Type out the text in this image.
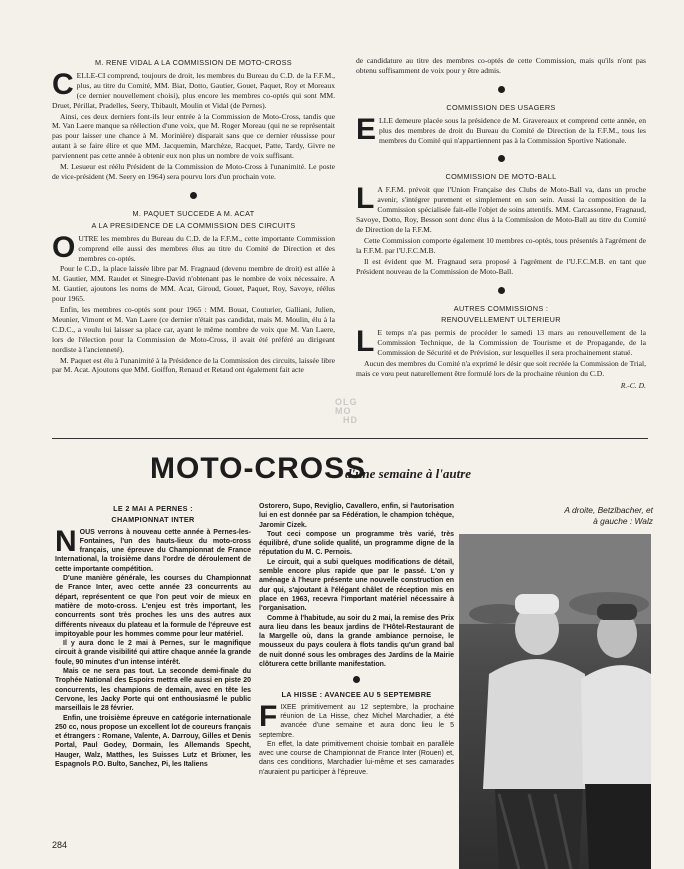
M. RENE VIDAL A LA COMMISSION DE MOTO-CROSS
C ELLE-CI comprend, toujours de droit, les membres du Bureau du C.D. de la F.F.M., plus, au titre du Comité, MM. Biat, Dotto, Gautier, Gouet, Paquet, Roy et Moreaux (ce dernier nouvellement choisi), plus encore les membres co-optés qui sont MM. Druet, Périllat, Pradelles, Seery, Thibault, Moulin et Vidal (de Pernes).

Ainsi, ces deux derniers font-ils leur entrée à la Commission de Moto-Cross, tandis que M. Van Laere manque sa réélection d'une voix, que M. Roger Moreau (qui ne se représentait pas pour laisser une chance à M. Morinière) disparait sans que ce dernier réussisse pour autant à se faire élire et que MM. Jacquemin, Marchèze, Racquet, Patte, Tardy, Givre ne parviennent pas cette année à obtenir eux non plus un nombre de voix suffisant.

M. Lesueur est réélu Président de la Commission de Moto-Cross à l'unanimité. Le poste de vice-président (M. Seery en 1964) sera pourvu lors d'un prochain vote.

M. PAQUET SUCCEDE A M. ACAT
A LA PRESIDENCE DE LA COMMISSION DES CIRCUITS
O UTRE les membres du Bureau du C.D. de la F.F.M., cette importante Commission comprend elle aussi des membres élus au titre du Comité de Direction et des membres co-optés.

Pour le C.D., la place laissée libre par M. Fragnaud (devenu membre de droit) est allée à M. Gautier, MM. Raudet et Sinegre-David n'obtenant pas le nombre de voix nécessaire. A M. Gautier, ajoutons les noms de MM. Acat, Giroud, Gouet, Paquet, Roy, Savoye, réélus pour 1965.

Enfin, les membres co-optés sont pour 1965 : MM. Bouat, Couturier, Galliani, Julien, Meunier, Vimont et M. Van Laere (ce dernier n'était pas candidat, mais M. Moulin, élu à la C.D.C., a voulu lui laisser sa place car, ayant le même nombre de voix que M. Van Laere, lors de l'élection pour la Commission de Moto-Cross, il avait été préféré au dirigeant nordiste à l'ancienneté).

M. Paquet est élu à l'unanimité à la Présidence de la Commission des circuits, laissée libre par M. Acat. Ajoutons que MM. Goiffon, Renaud et Retaud ont également fait acte

de candidature au titre des membres co-optés de cette Commission, mais qu'ils n'ont pas obtenu suffisamment de voix pour y être admis.

COMMISSION DES USAGERS
E LLE demeure placée sous la présidence de M. Gravereaux et comprend cette année, en plus des membres de droit du Bureau du Comité de Direction de la F.F.M., tous les membres du Comité qui n'appartiennent pas à la Commission Sportive Nationale.

COMMISSION DE MOTO-BALL
L A F.F.M. prévoit que l'Union Française des Clubs de Moto-Ball va, dans un proche avenir, s'intégrer purement et simplement en son sein. Aussi la composition de la Commission spécialisée fait-elle l'objet de soins attentifs. MM. Carcassonne, Fragnaud, Savoye, Dotto, Roy, Besson sont donc élus à la Commission de Moto-Ball au titre du Comité de Direction de la F.F.M.

Cette Commission comporte également 10 membres co-optés, tous présentés à l'agrément de la F.F.M. par l'U.F.C.M.B.

Il est évident que M. Fragnaud sera proposé à l'agrément de l'U.F.C.M.B. en tant que Président nouveau de la Commission de Moto-Ball.

AUTRES COMMISSIONS :
RENOUVELLEMENT ULTERIEUR
L E temps n'a pas permis de procéder le samedi 13 mars au renouvellement de la Commission Technique, de la Commission de Tourisme et de Propagande, de la Commission de Sécurité et de Prévision, sur lesquelles il sera prochainement statué.

Aucun des membres du Comité n'a exprimé le désir que soit recréée la Commission de Trial, mais ce vœu peut naturellement être formulé lors de la prochaine réunion du C.D.

R.-C. D.
OLG
MO
HD
MOTO-CROSS
d'une semaine à l'autre
LE 2 MAI A PERNES :
CHAMPIONNAT INTER
N OUS verrons à nouveau cette année à Pernes-les-Fontaines, l'un des hauts-lieux du moto-cross français, une épreuve du Championnat de France International, la troisième dans l'ordre de déroulement de cette importante compétition.

D'une manière générale, les courses du Championnat de France Inter, avec cette année 23 concurrents au départ, représentent ce que l'on peut voir de mieux en matière de moto-cross. L'enjeu est très important, les concurrents sont très proches les uns des autres aux différents niveaux du plateau et la formule de l'épreuve est impitoyable pour les hommes comme pour leur matériel.

Il y aura donc le 2 mai à Pernes, sur le magnifique circuit à grande visibilité qui attire chaque année la grande foule, 90 minutes d'un intense intérêt.

Mais ce ne sera pas tout. La seconde demi-finale du Trophée National des Espoirs mettra elle aussi en piste 20 concurrents, les champions de demain, avec en tête les Cervone, les Jacky Porte qui ont enthousiasmé le public marseillais le 28 février.

Enfin, une troisième épreuve en catégorie internationale 250 cc, nous propose un excellent lot de coureurs français et étrangers : Romane, Valente, A. Darrouy, Gilles et Denis Portal, Paul Godey, Dormain, les Allemands Specht, Hauger, Walz, Matthes, les Suisses Lutz et Brixner, les Espagnols P.O. Bulto, Sanchez, Pi, les Italiens

Ostorero, Supo, Reviglio, Cavallero, enfin, si l'autorisation lui en est donnée par sa Fédération, le champion tchèque, Jaromir Cizek.

Tout ceci compose un programme très varié, très équilibré, d'une solide qualité, un programme digne de la réputation du M. C. Pernois.

Le circuit, qui a subi quelques modifications de détail, semble encore plus rapide que par le passé. L'on y aménage à l'heure présente une nouvelle construction en dur qui, s'ajoutant à l'élégant châlet de réception mis en place en 1963, recevra l'important matériel nécessaire à l'organisation.

Comme à l'habitude, au soir du 2 mai, la remise des Prix aura lieu dans les beaux jardins de l'Hôtel-Restaurant de la Margelle où, dans la grande ambiance pernoise, le mousseux du pays coulera à flots tandis qu'un grand bal de nuit donné sous les ombrages des Jardins de la Mairie clôturera cette brillante manifestation.

LA HISSE : AVANCEE AU 5 SEPTEMBRE
F IXEE primitivement au 12 septembre, la prochaine réunion de La Hisse, chez Michel Marchadier, a été avancée d'une semaine et aura donc lieu le 5 septembre.

En effet, la date primitivement choisie tombait en parallèle avec une course de Championnat de France Inter (Rouen) et, dans ces conditions, Marchadier lui-même et ses camarades n'auraient pu participer à l'épreuve.

A droite, Betzlbacher, et
à gauche : Walz
284
